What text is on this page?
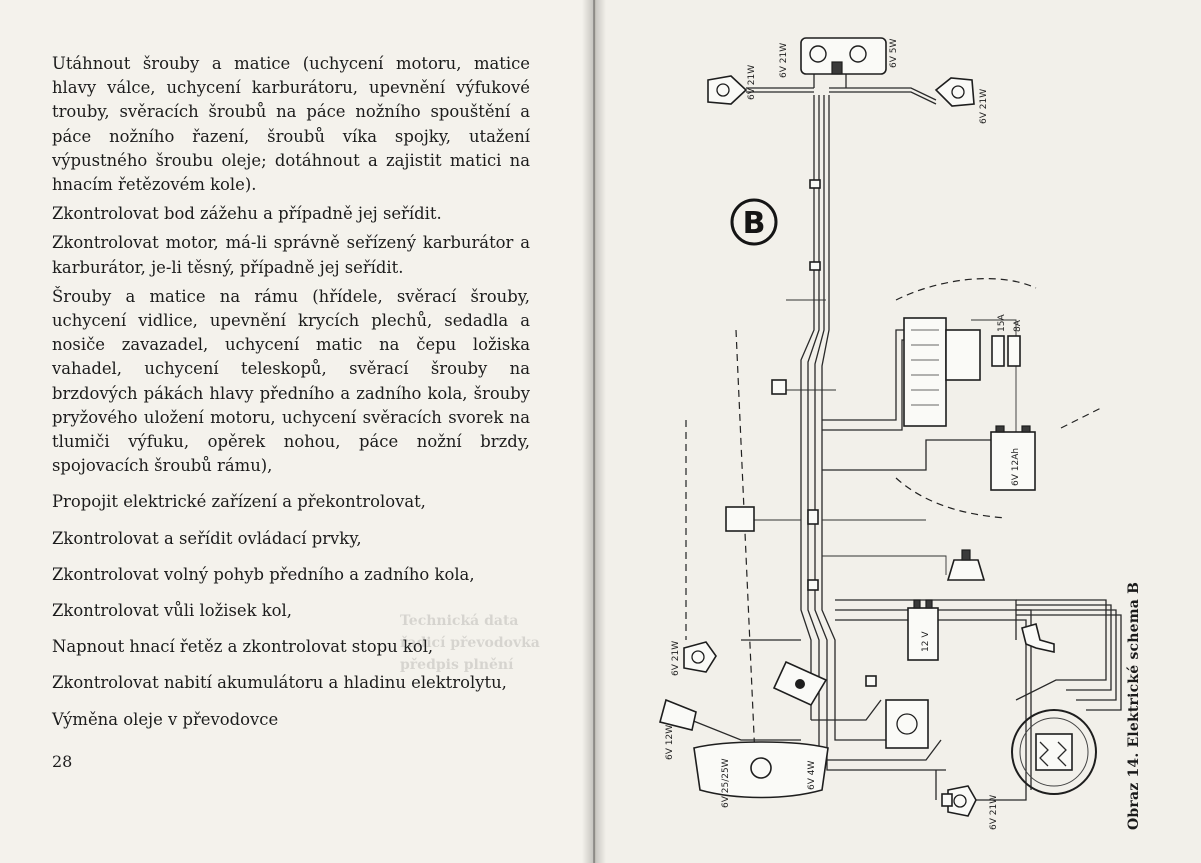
Technická data
řadicí převodovka
předpis plnění

Utáhnout šrouby a matice (uchycení motoru, matice hlavy válce, uchycení karburátoru, upevnění výfukové trouby, svěracích šroubů na páce nožního spouštění a páce nožního řazení, šroubů víka spojky, utažení výpustného šroubu oleje; dotáhnout a zajistit matici na hnacím řetězovém kole).

Zkontrolovat bod zážehu a případně jej seřídit.

Zkontrolovat motor, má-li správně seřízený karburátor a karburátor, je-li těsný, případně jej seřídit.

Šrouby a matice na rámu (hřídele, svěrací šrouby, uchycení vidlice, upevnění krycích plechů, sedadla a nosiče zavazadel, uchycení matic na čepu ložiska vahadel, uchycení teleskopů, svěrací šrouby na brzdových pákách hlavy předního a zadního kola, šrouby pryžového uložení motoru, uchycení svěracích svorek na tlumiči výfuku, opěrek nohou, páce nožní brzdy, spojovacích šroubů rámu),

Propojit elektrické zařízení a překontrolovat,

Zkontrolovat a seřídit ovládací prvky,

Zkontrolovat volný pohyb předního a zadního kola,

Zkontrolovat vůli ložisek kol,

Napnout hnací řetěz a zkontrolovat stopu kol,

Zkontrolovat nabití akumulátoru a hladinu elektrolytu,

Výměna oleje v převodovce

28
B
6V 21W	6V 5W
6V 21W
6V 21W
15A 8A
6V 12Ah
12 V
6V 21W
6V 12W
6V 25/25W	6V 4W
6V 21W	Obraz 14. Elektrické schema B
